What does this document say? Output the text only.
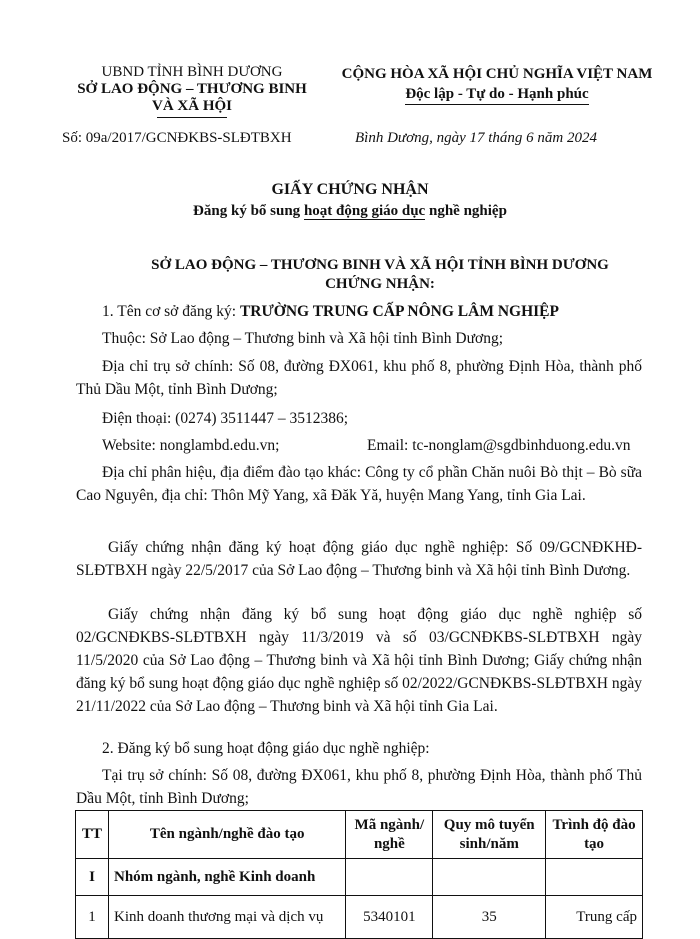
UBND TỈNH BÌNH DƯƠNG
SỞ LAO ĐỘNG – THƯƠNG BINH
VÀ XÃ HỘI
CỘNG HÒA XÃ HỘI CHỦ NGHĨA VIỆT NAM
Độc lập - Tự do - Hạnh phúc
Số: 09a/2017/GCNĐKBS-SLĐTBXH	Bình Dương, ngày 17 tháng 6 năm 2024
GIẤY CHỨNG NHẬN
Đăng ký bổ sung hoạt động giáo dục nghề nghiệp
SỞ LAO ĐỘNG – THƯƠNG BINH VÀ XÃ HỘI TỈNH BÌNH DƯƠNG
CHỨNG NHẬN:
1. Tên cơ sở đăng ký: TRƯỜNG TRUNG CẤP NÔNG LÂM NGHIỆP
Thuộc: Sở Lao động – Thương binh và Xã hội tỉnh Bình Dương;
Địa chỉ trụ sở chính: Số 08, đường ĐX061, khu phố 8, phường Định Hòa, thành phố Thủ Dầu Một, tỉnh Bình Dương;
Điện thoại: (0274) 3511447 – 3512386;
Website: nonglambd.edu.vn;	Email: tc-nonglam@sgdbinhduong.edu.vn
Địa chỉ phân hiệu, địa điểm đào tạo khác: Công ty cổ phần Chăn nuôi Bò thịt – Bò sữa Cao Nguyên, địa chỉ: Thôn Mỹ Yang, xã Đăk Yă, huyện Mang Yang, tỉnh Gia Lai.
Giấy chứng nhận đăng ký hoạt động giáo dục nghề nghiệp: Số 09/GCNĐKHĐ-SLĐTBXH ngày 22/5/2017 của Sở Lao động – Thương binh và Xã hội tỉnh Bình Dương.
Giấy chứng nhận đăng ký bổ sung hoạt động giáo dục nghề nghiệp số 02/GCNĐKBS-SLĐTBXH ngày 11/3/2019 và số 03/GCNĐKBS-SLĐTBXH ngày 11/5/2020 của Sở Lao động – Thương binh và Xã hội tỉnh Bình Dương; Giấy chứng nhận đăng ký bổ sung hoạt động giáo dục nghề nghiệp số 02/2022/GCNĐKBS-SLĐTBXH ngày 21/11/2022 của Sở Lao động – Thương binh và Xã hội tỉnh Gia Lai.
2. Đăng ký bổ sung hoạt động giáo dục nghề nghiệp:
Tại trụ sở chính: Số 08, đường ĐX061, khu phố 8, phường Định Hòa, thành phố Thủ Dầu Một, tỉnh Bình Dương;
TT	Tên ngành/nghề đào tạo	Mã ngành/ nghề	Quy mô tuyển sinh/năm	Trình độ đào tạo
I	Nhóm ngành, nghề Kinh doanh			
1	Kinh doanh thương mại và dịch vụ	5340101	35	Trung cấp
